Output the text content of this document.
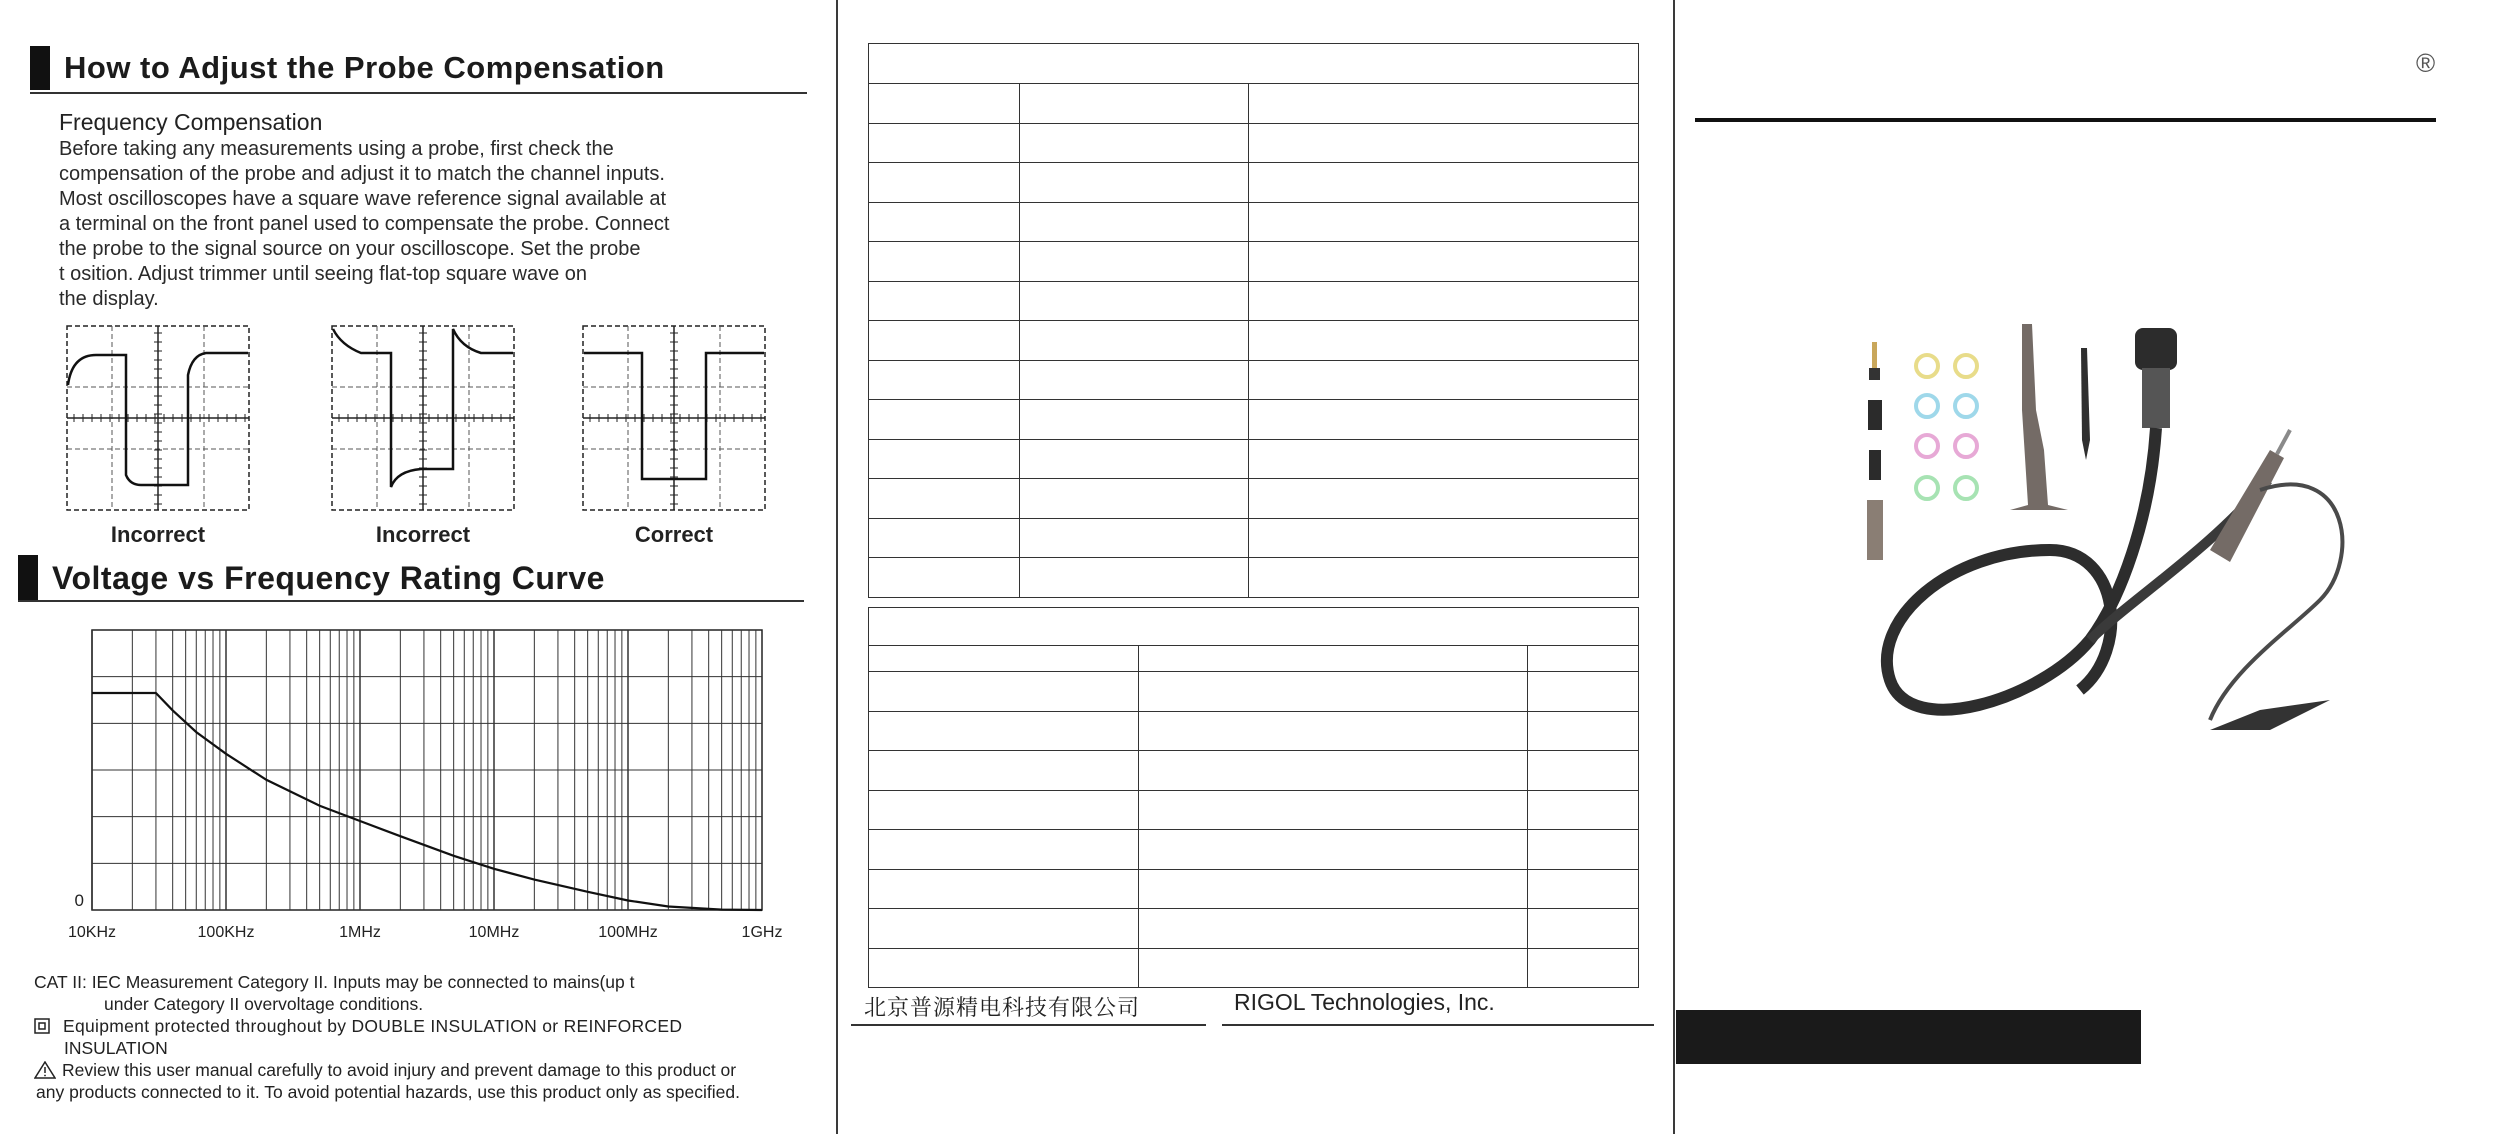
How to Adjust the Probe Compensation
Frequency Compensation
Before taking any measurements using a probe, first check the
compensation of the probe and adjust it to match the channel inputs.
Most oscilloscopes have a square wave reference signal available at
a terminal on the front panel used to compensate the probe. Connect
the probe to the signal source on your oscilloscope. Set the probe
t osition. Adjust trimmer until seeing flat-top square wave on
the display.
Incorrect	Incorrect	Correct
Voltage vs Frequency Rating Curve
10KHz	100KHz	1MHz	10MHz	100MHz	1GHz
0
CAT II: IEC Measurement Category II. Inputs may be connected to mains(up t
under Category II overvoltage conditions.
Equipment protected throughout by DOUBLE INSULATION or REINFORCED
INSULATION
Review this user manual carefully to avoid injury and prevent damage to this product or
any products connected to it. To avoid potential hazards, use this product only as specified.

北京普源精电科技有限公司	RIGOL Technologies, Inc.
®
